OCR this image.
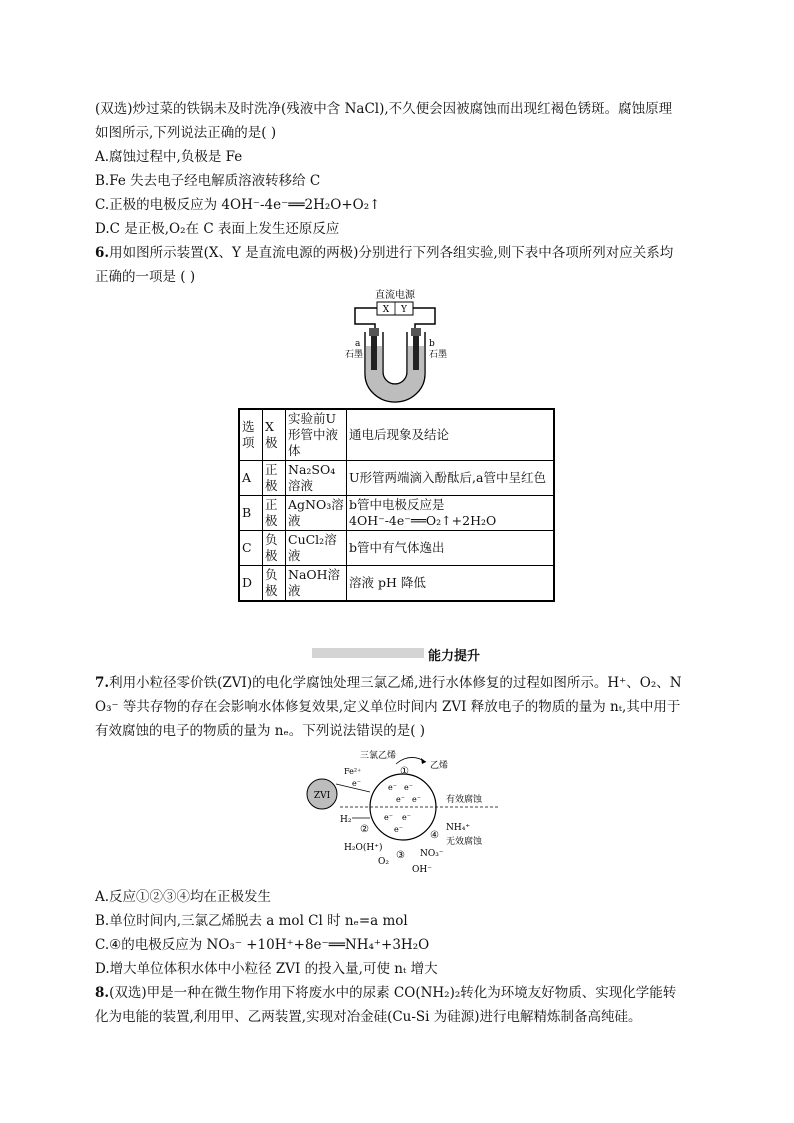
(双选)炒过菜的铁锅未及时洗净(残液中含 NaCl),不久便会因被腐蚀而出现红褐色锈斑。腐蚀原理
如图所示,下列说法正确的是( )
A.腐蚀过程中,负极是 Fe
B.Fe 失去电子经电解质溶液转移给 C
C.正极的电极反应为 4OH⁻-4e⁻══2H₂O+O₂↑
D.C 是正极,O₂在 C 表面上发生还原反应
6.用如图所示装置(X、Y 是直流电源的两极)分别进行下列各组实验,则下表中各项所列对应关系均
正确的一项是 ( )
直流电源
X Y
a
石墨
b
石墨
选项	X极	实验前U形管中液体	通电后现象及结论
A	正极	Na₂SO₄溶液	U形管两端滴入酚酞后,a管中呈红色
B	正极	AgNO₃溶液	b管中电极反应是 4OH⁻-4e⁻══O₂↑+2H₂O
C	负极	CuCl₂溶液	b管中有气体逸出
D	负极	NaOH溶液	溶液 pH 降低
能力提升
7.利用小粒径零价铁(ZVI)的电化学腐蚀处理三氯乙烯,进行水体修复的过程如图所示。H⁺、O₂、N
O₃⁻ 等共存物的存在会影响水体修复效果,定义单位时间内 ZVI 释放电子的物质的量为 nₜ,其中用于
有效腐蚀的电子的物质的量为 nₑ。下列说法错误的是( )
ZVI
e⁻ e⁻
e⁻ e⁻
e⁻ e⁻
e⁻
三氯乙烯
① 乙烯
Fe²⁺
e⁻
有效腐蚀
无效腐蚀
H₂
②
H₂O(H⁺)
O₂
③
OH⁻
NH₄⁺
④
NO₃⁻
A.反应①②③④均在正极发生
B.单位时间内,三氯乙烯脱去 a mol Cl 时 nₑ=a mol
C.④的电极反应为 NO₃⁻ +10H⁺+8e⁻══NH₄⁺+3H₂O
D.增大单位体积水体中小粒径 ZVI 的投入量,可使 nₜ 增大
8.(双选)甲是一种在微生物作用下将废水中的尿素 CO(NH₂)₂转化为环境友好物质、实现化学能转
化为电能的装置,利用甲、乙两装置,实现对冶金硅(Cu-Si 为硅源)进行电解精炼制备高纯硅。
